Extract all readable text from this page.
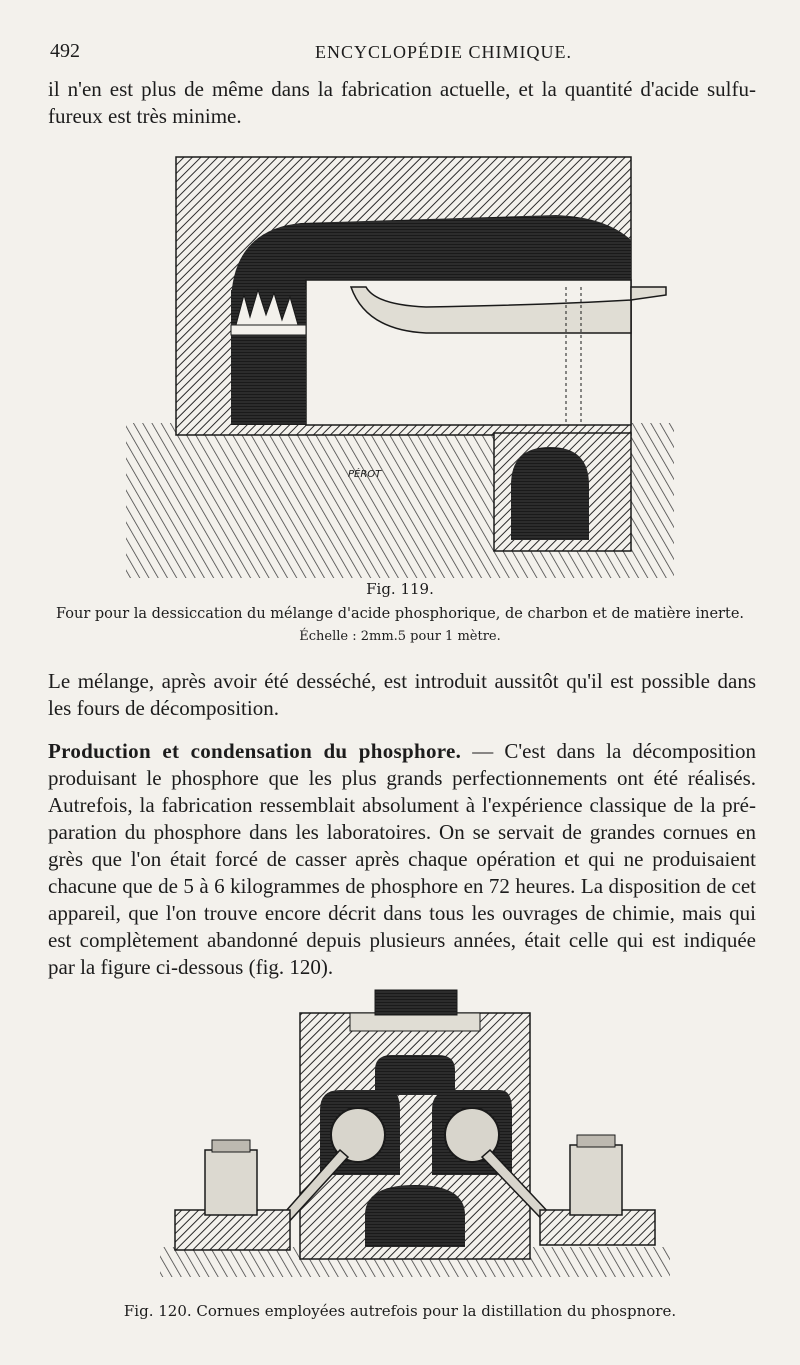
492	ENCYCLOPÉDIE CHIMIQUE.

il n'en est plus de même dans la fabrication actuelle, et la quantité d'acide sulfu- fureux est très minime.

PÉROT
Fig. 119.
Four pour la dessiccation du mélange d'acide phosphorique, de charbon et de matière inerte.
Échelle : 2mm.5 pour 1 mètre.

Le mélange, après avoir été desséché, est introduit aussitôt qu'il est possible dans les fours de décomposition.

Production et condensation du phosphore. — C'est dans la décomposition produisant le phosphore que les plus grands perfectionnements ont été réalisés. Autrefois, la fabrication ressemblait absolument à l'expérience classique de la pré- paration du phosphore dans les laboratoires. On se servait de grandes cornues en grès que l'on était forcé de casser après chaque opération et qui ne produisaient chacune que de 5 à 6 kilogrammes de phosphore en 72 heures. La disposition de cet appareil, que l'on trouve encore décrit dans tous les ouvrages de chimie, mais qui est complètement abandonné depuis plusieurs années, était celle qui est indiquée par la figure ci-dessous (fig. 120).

Fig. 120. Cornues employées autrefois pour la distillation du phospnore.
